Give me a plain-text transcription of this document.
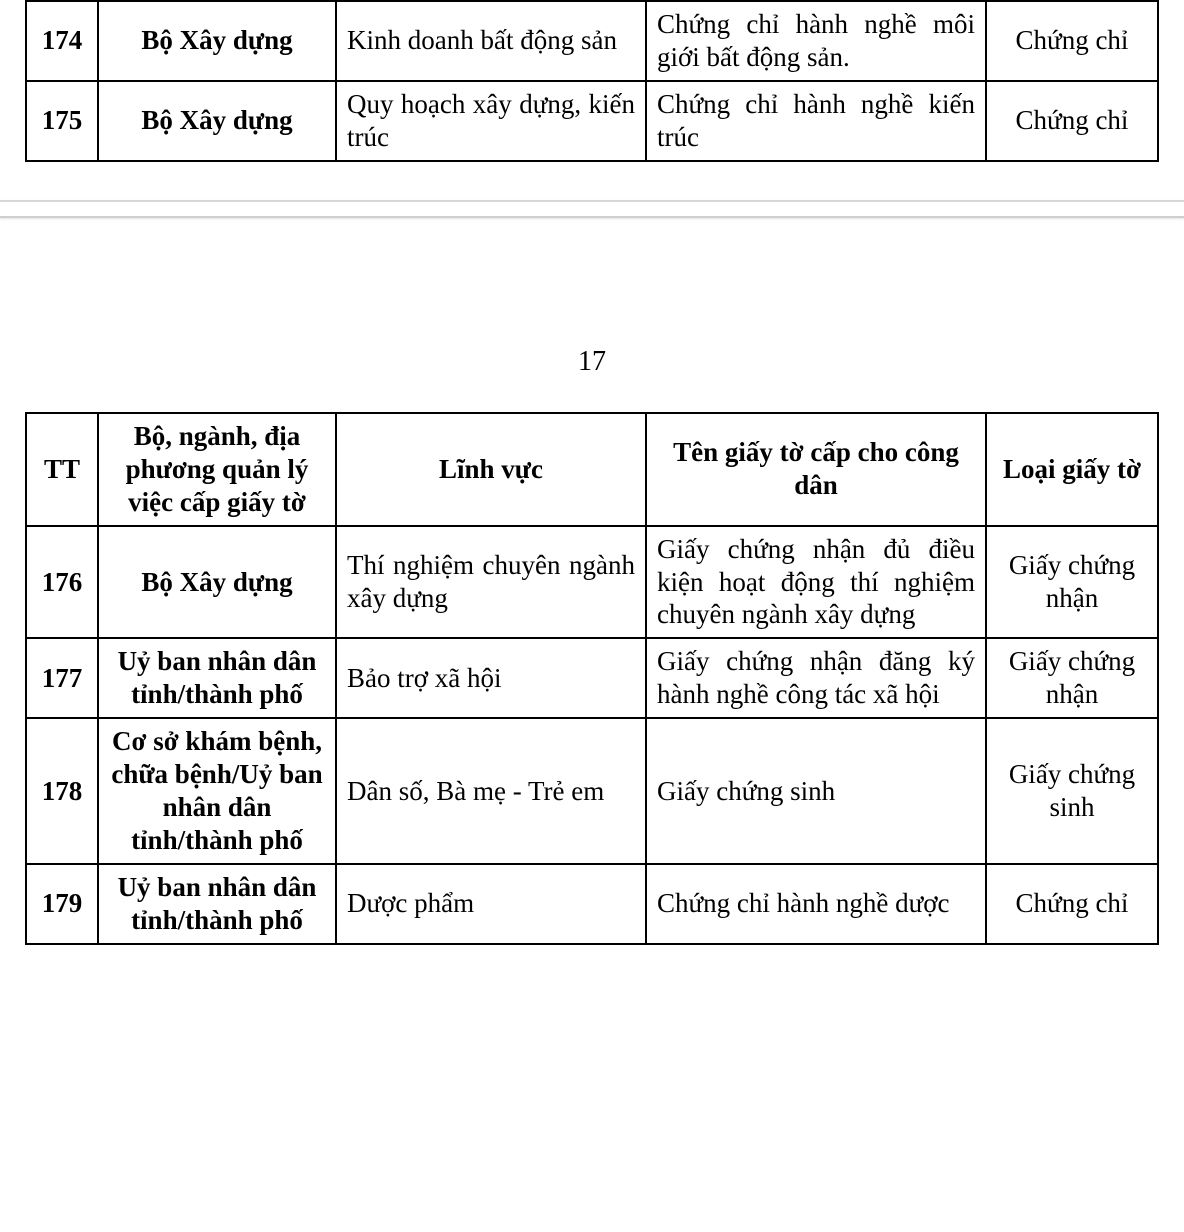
174	Bộ Xây dựng	Kinh doanh bất động sản	Chứng chỉ hành nghề môi giới bất động sản.	Chứng chỉ
175	Bộ Xây dựng	Quy hoạch xây dựng, kiến trúc	Chứng chỉ hành nghề kiến trúc	Chứng chỉ
17
TT	Bộ, ngành, địa phương quản lý việc cấp giấy tờ	Lĩnh vực	Tên giấy tờ cấp cho công dân	Loại giấy tờ
176	Bộ Xây dựng	Thí nghiệm chuyên ngành xây dựng	Giấy chứng nhận đủ điều kiện hoạt động thí nghiệm chuyên ngành xây dựng	Giấy chứng nhận
177	Uỷ ban nhân dân tỉnh/thành phố	Bảo trợ xã hội	Giấy chứng nhận đăng ký hành nghề công tác xã hội	Giấy chứng nhận
178	Cơ sở khám bệnh, chữa bệnh/Uỷ ban nhân dân tỉnh/thành phố	Dân số, Bà mẹ - Trẻ em	Giấy chứng sinh	Giấy chứng sinh
179	Uỷ ban nhân dân tỉnh/thành phố	Dược phẩm	Chứng chỉ hành nghề dược	Chứng chỉ
